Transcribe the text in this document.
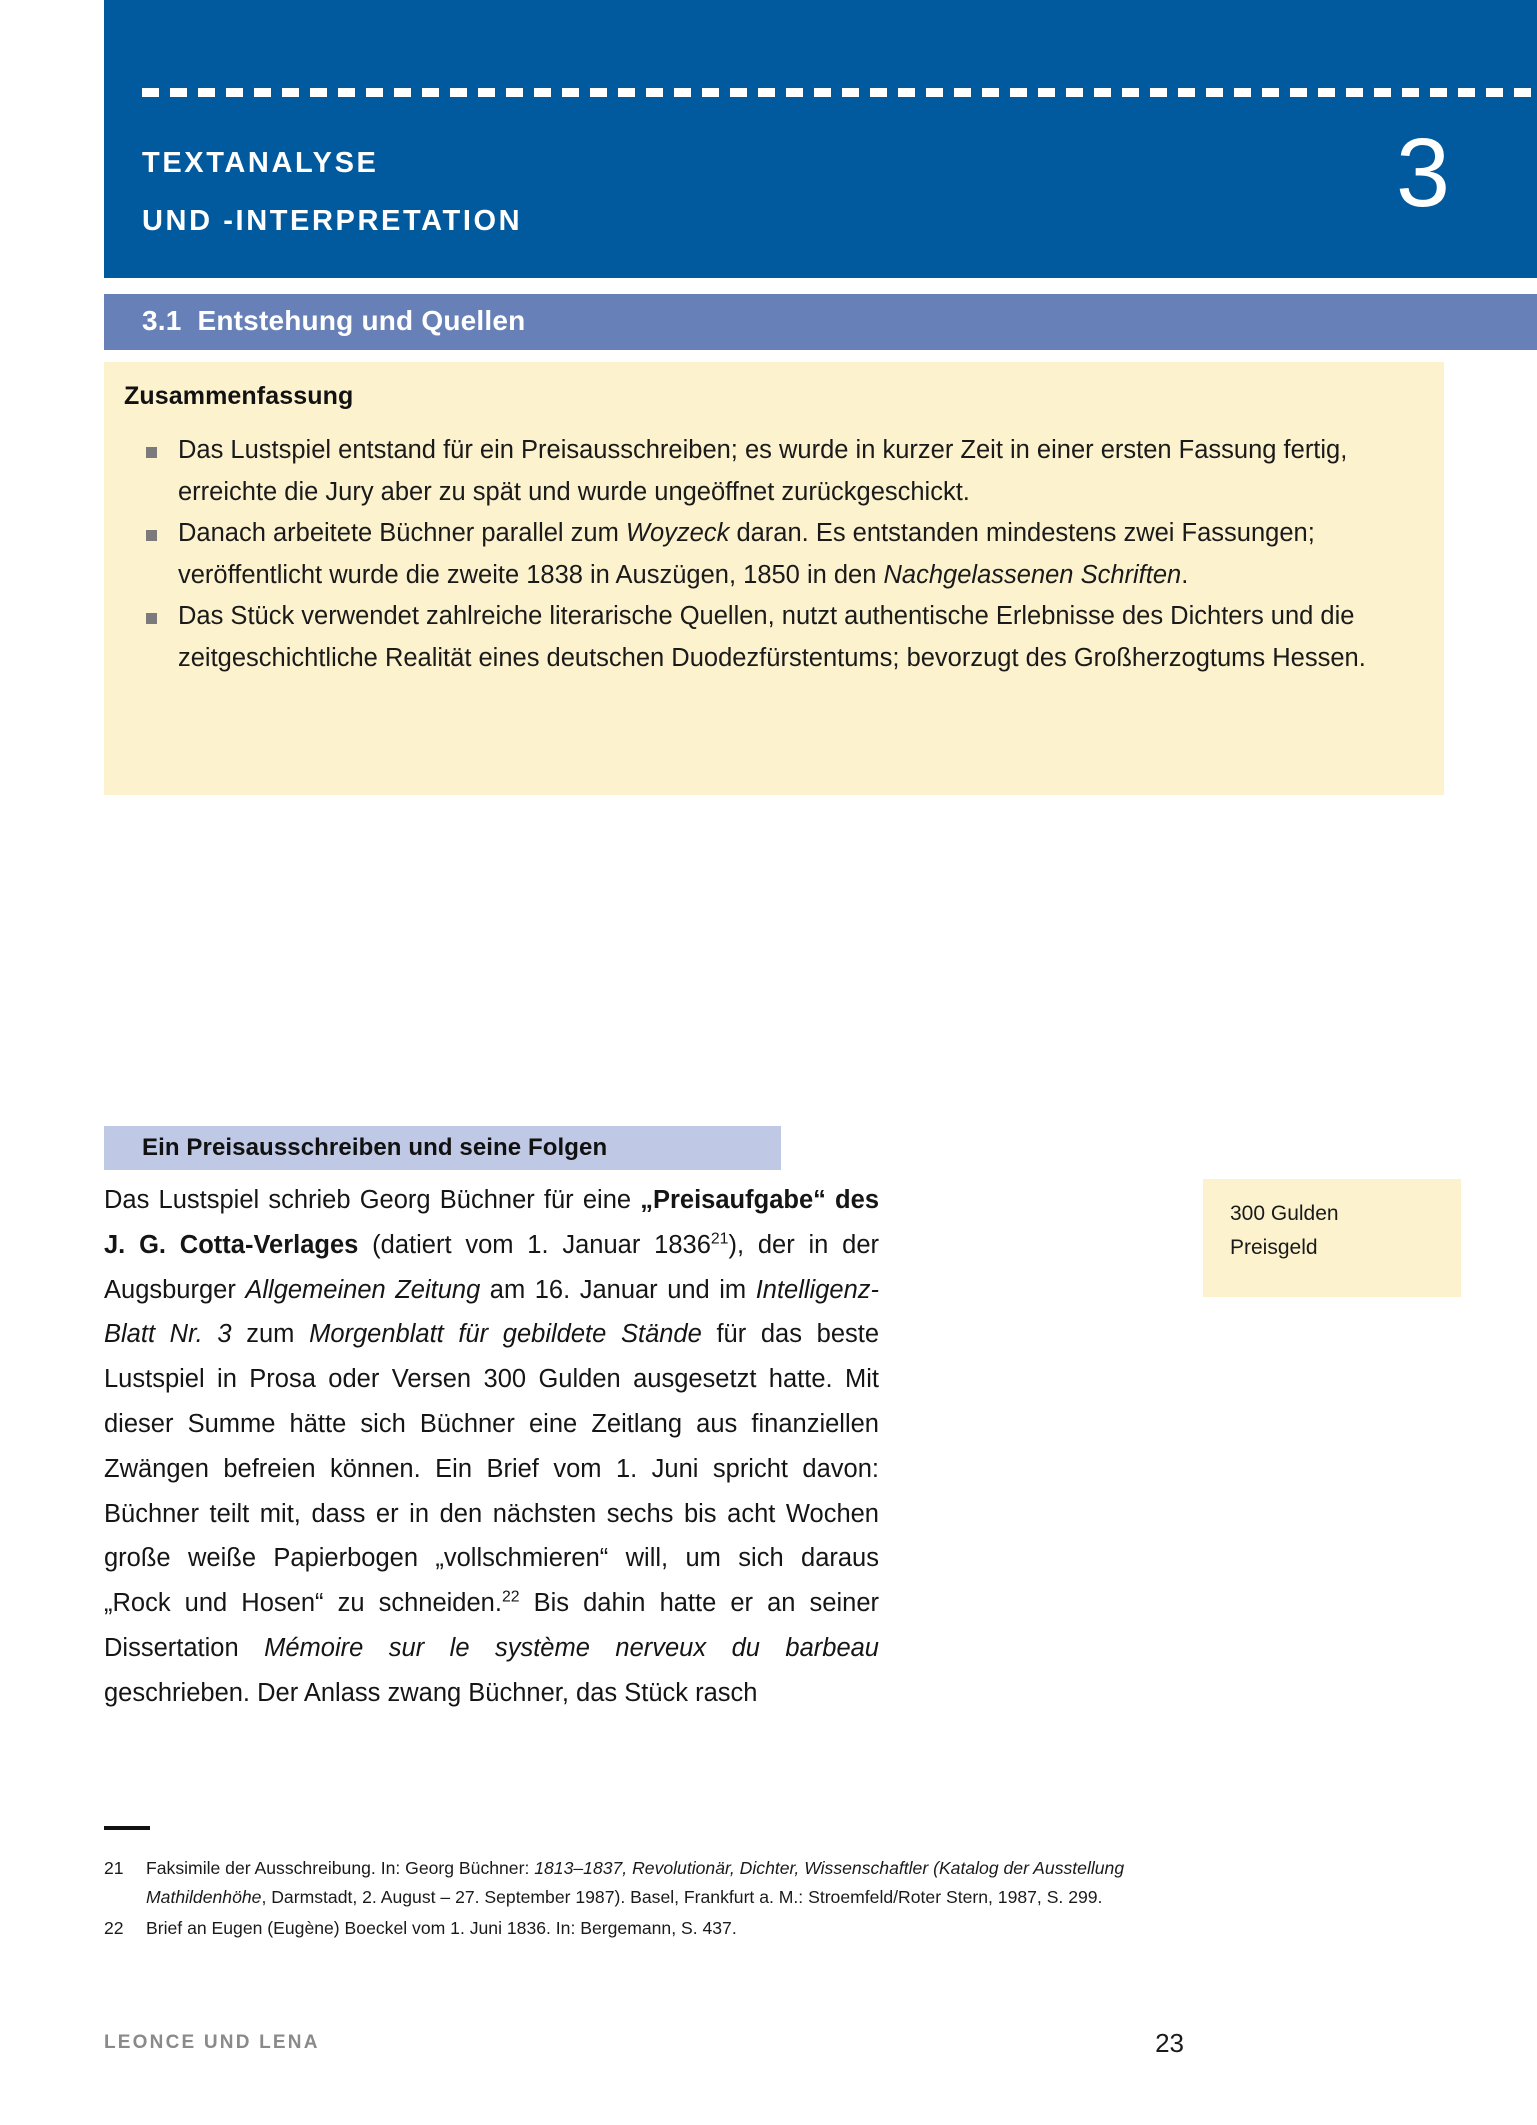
TEXTANALYSE
UND -INTERPRETATION	3
3.1  Entstehung und Quellen
Zusammenfassung
Das Lustspiel entstand für ein Preisausschreiben; es wurde in kurzer Zeit in einer ersten Fassung fertig, erreichte die Jury aber zu spät und wurde ungeöffnet zurückgeschickt.
Danach arbeitete Büchner parallel zum Woyzeck daran. Es entstanden mindestens zwei Fassungen; veröffentlicht wurde die zweite 1838 in Auszügen, 1850 in den Nachgelassenen Schriften.
Das Stück verwendet zahlreiche literarische Quellen, nutzt authentische Erlebnisse des Dichters und die zeitgeschichtliche Realität eines deutschen Duodezfürstentums; bevorzugt des Großherzogtums Hessen.
Ein Preisausschreiben und seine Folgen
Das Lustspiel schrieb Georg Büchner für eine „Preisaufgabe“ des J. G. Cotta-Verlages (datiert vom 1. Januar 1836$^{21}$), der in der Augsburger Allgemeinen Zeitung am 16. Januar und im Intelligenz-Blatt Nr. 3 zum Morgenblatt für gebildete Stände für das beste Lustspiel in Prosa oder Versen 300 Gulden ausgesetzt hatte. Mit dieser Summe hätte sich Büchner eine Zeitlang aus finanziellen Zwängen befreien können. Ein Brief vom 1. Juni spricht davon: Büchner teilt mit, dass er in den nächsten sechs bis acht Wochen große weiße Papierbogen „vollschmieren“ will, um sich daraus „Rock und Hosen“ zu schneiden.$^{22}$ Bis dahin hatte er an seiner Dissertation Mémoire sur le système nerveux du barbeau geschrieben. Der Anlass zwang Büchner, das Stück rasch
300 Gulden
Preisgeld
21 Faksimile der Ausschreibung. In: Georg Büchner: 1813–1837, Revolutionär, Dichter, Wissenschaftler (Katalog der Ausstellung Mathildenhöhe, Darmstadt, 2. August – 27. September 1987). Basel, Frankfurt a. M.: Stroemfeld/Roter Stern, 1987, S. 299.
22 Brief an Eugen (Eugène) Boeckel vom 1. Juni 1836. In: Bergemann, S. 437.
LEONCE UND LENA	23
